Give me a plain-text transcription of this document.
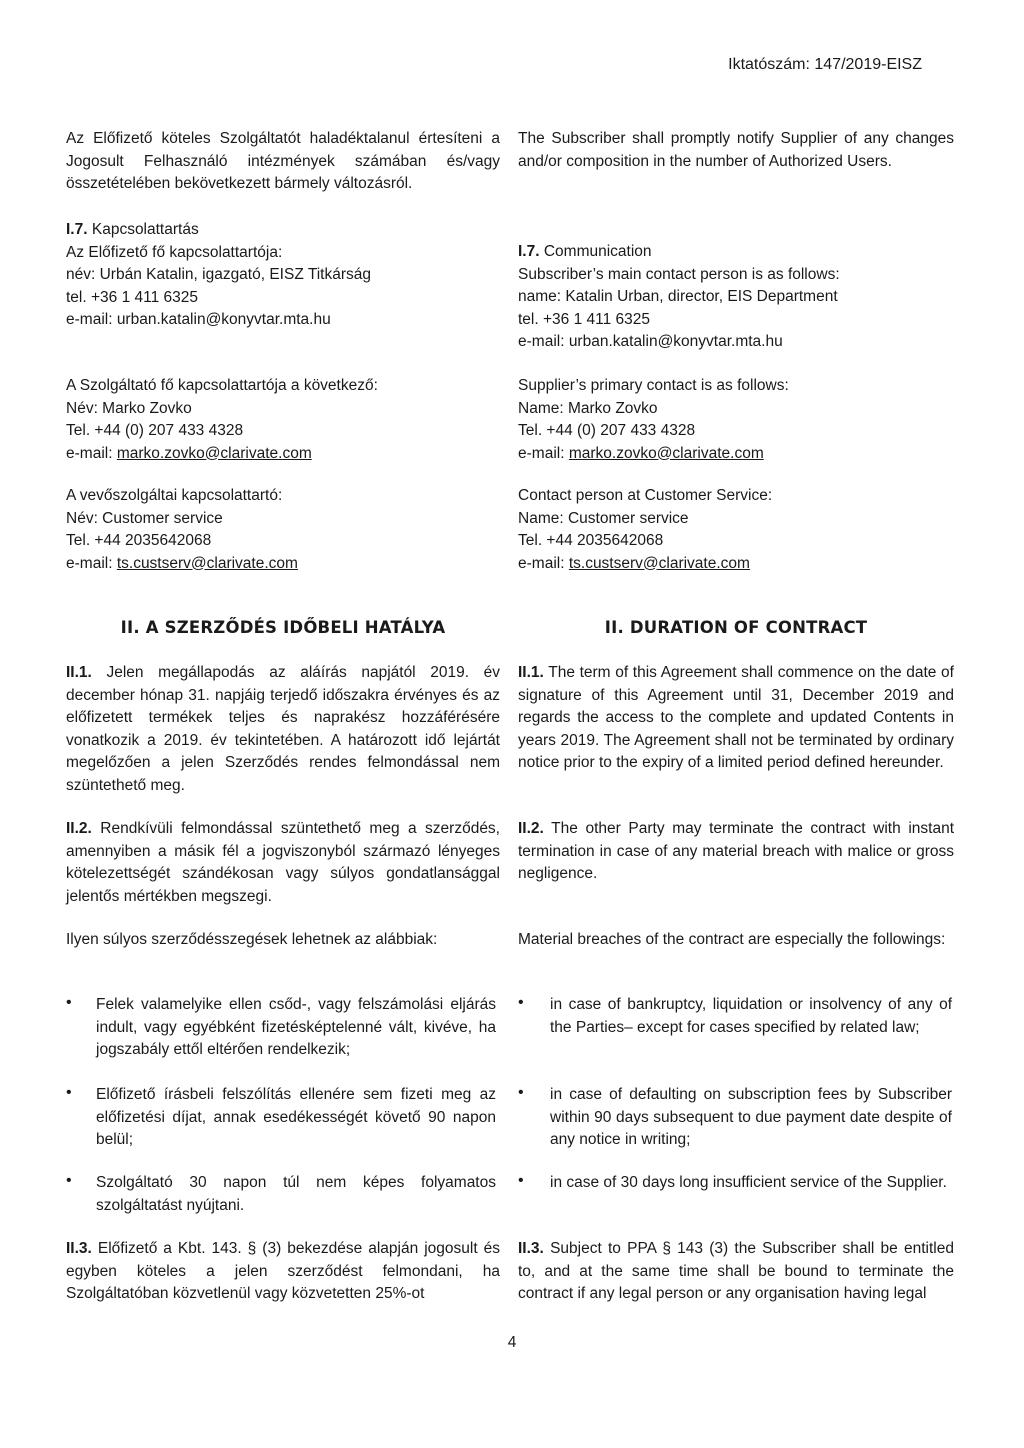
Iktatószám: 147/2019-EISZ
Az Előfizető köteles Szolgáltatót haladéktalanul értesíteni a Jogosult Felhasználó intézmények számában és/vagy összetételében bekövetkezett bármely változásról.
The Subscriber shall promptly notify Supplier of any changes and/or composition in the number of Authorized Users.
I.7. Kapcsolattartás
Az Előfizető fő kapcsolattartója:
név: Urbán Katalin, igazgató, EISZ Titkárság
tel. +36 1 411 6325
e-mail: urban.katalin@konyvtar.mta.hu
A Szolgáltató fő kapcsolattartója a következő:
Név: Marko Zovko
Tel. +44 (0) 207 433 4328
e-mail: marko.zovko@clarivate.com
A vevőszolgáltai kapcsolattartó:
Név: Customer service
Tel. +44 2035642068
e-mail: ts.custserv@clarivate.com
I.7. Communication
Subscriber’s main contact person is as follows:
name: Katalin Urban, director, EIS Department
tel. +36 1 411 6325
e-mail: urban.katalin@konyvtar.mta.hu
Supplier’s primary contact is as follows:
Name: Marko Zovko
Tel. +44 (0) 207 433 4328
e-mail: marko.zovko@clarivate.com
Contact person at Customer Service:
Name: Customer service
Tel. +44 2035642068
e-mail: ts.custserv@clarivate.com
II. A SZERZŐDÉS IDŐBELI HATÁLYA	II. DURATION OF CONTRACT
II.1. Jelen megállapodás az aláírás napjától 2019. év december hónap 31. napjáig terjedő időszakra érvényes és az előfizetett termékek teljes és naprakész hozzáférésére vonatkozik a 2019. év tekintetében. A határozott idő lejártát megelőzően a jelen Szerződés rendes felmondással nem szüntethető meg.
II.1. The term of this Agreement shall commence on the date of signature of this Agreement until 31, December 2019 and regards the access to the complete and updated Contents in years 2019. The Agreement shall not be terminated by ordinary notice prior to the expiry of a limited period defined hereunder.
II.2. Rendkívüli felmondással szüntethető meg a szerződés, amennyiben a másik fél a jogviszonyból származó lényeges kötelezettségét szándékosan vagy súlyos gondatlansággal jelentős mértékben megszegi.
II.2. The other Party may terminate the contract with instant termination in case of any material breach with malice or gross negligence.
Ilyen súlyos szerződésszegések lehetnek az alábbiak:	Material breaches of the contract are especially the followings:
• Felek valamelyike ellen csőd-, vagy felszámolási eljárás indult, vagy egyébként fizetésképtelenné vált, kivéve, ha jogszabály ettől eltérően rendelkezik;
• Előfizető írásbeli felszólítás ellenére sem fizeti meg az előfizetési díjat, annak esedékességét követő 90 napon belül;
• Szolgáltató 30 napon túl nem képes folyamatos szolgáltatást nyújtani.
• in case of bankruptcy, liquidation or insolvency of any of the Parties– except for cases specified by related law;
• in case of defaulting on subscription fees by Subscriber within 90 days subsequent to due payment date despite of any notice in writing;
• in case of 30 days long insufficient service of the Supplier.
II.3. Előfizető a Kbt. 143. § (3) bekezdése alapján jogosult és egyben köteles a jelen szerződést felmondani, ha Szolgáltatóban közvetlenül vagy közvetetten 25%-ot
II.3. Subject to PPA § 143 (3) the Subscriber shall be entitled to, and at the same time shall be bound to terminate the contract if any legal person or any organisation having legal
4
